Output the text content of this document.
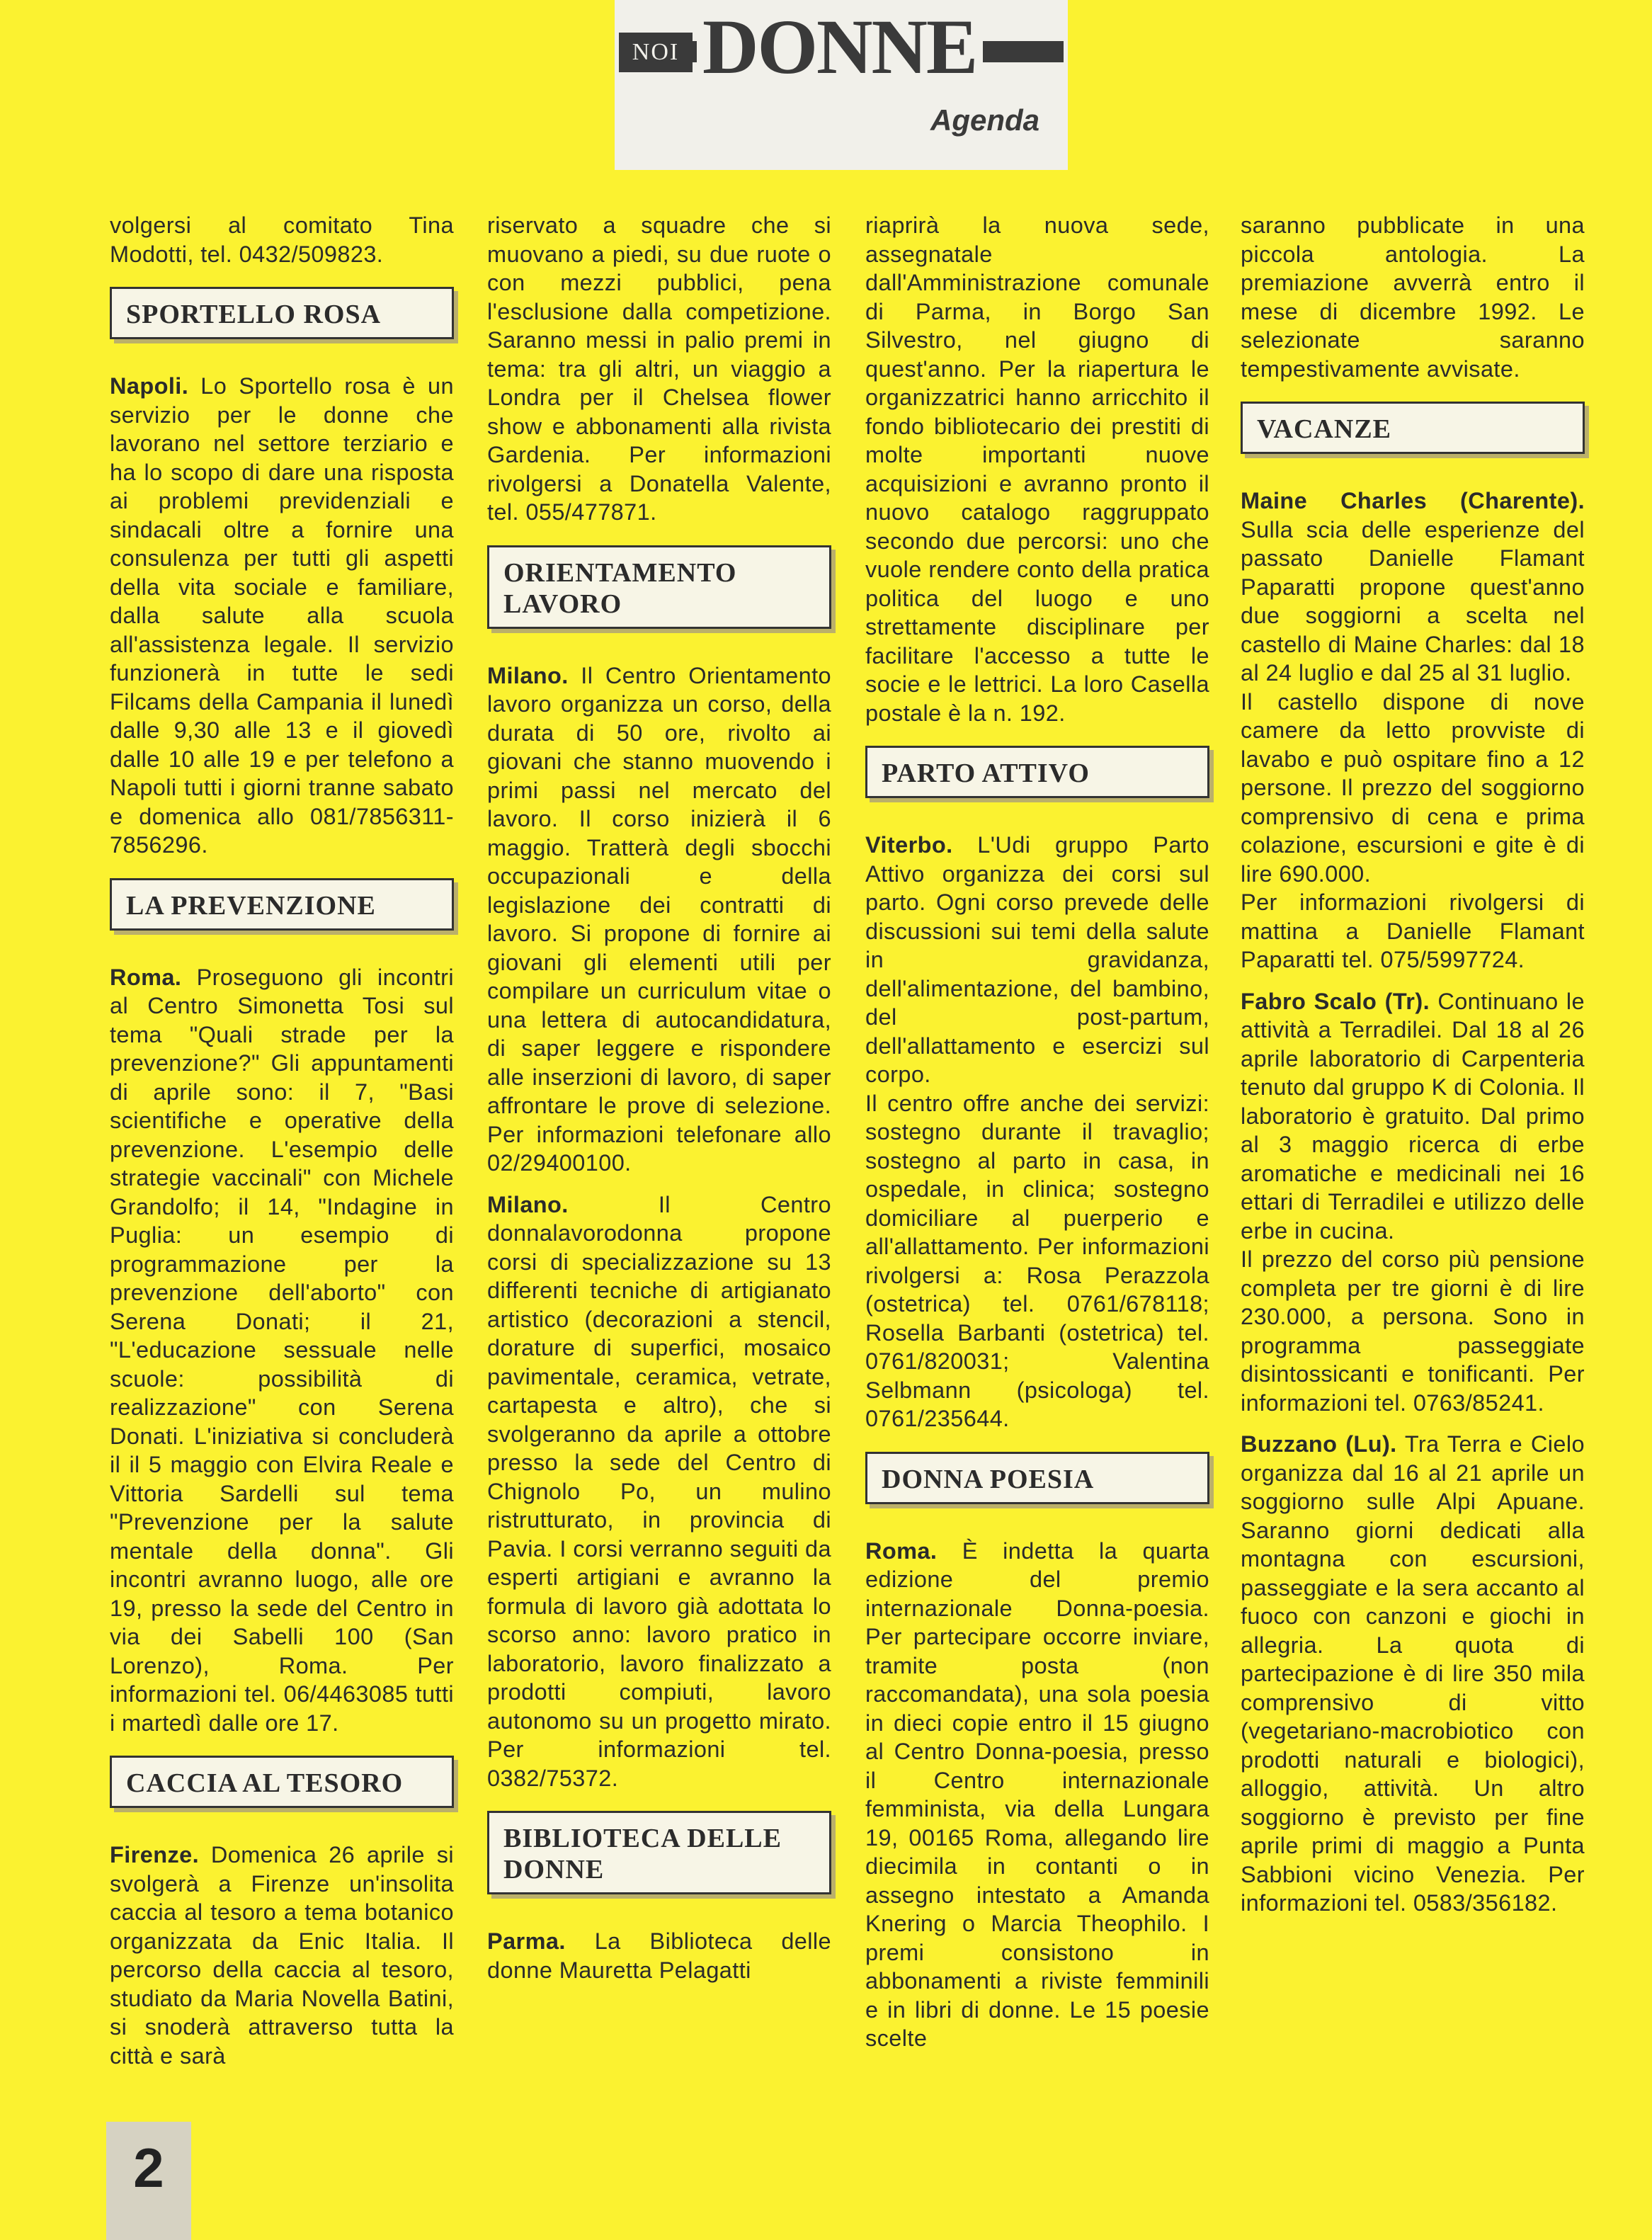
NOI DONNE
Agenda

volgersi al comitato Tina Modotti, tel. 0432/509823.

SPORTELLO ROSA

Napoli. Lo Sportello rosa è un servizio per le donne che lavorano nel settore terziario e ha lo scopo di dare una risposta ai problemi previdenziali e sindacali oltre a fornire una consulenza per tutti gli aspetti della vita sociale e familiare, dalla salute alla scuola all'assistenza legale. Il servizio funzionerà in tutte le sedi Filcams della Campania il lunedì dalle 9,30 alle 13 e il giovedì dalle 10 alle 19 e per telefono a Napoli tutti i giorni tranne sabato e domenica allo 081/7856311-7856296.

LA PREVENZIONE

Roma. Proseguono gli incontri al Centro Simonetta Tosi sul tema "Quali strade per la prevenzione?" Gli appuntamenti di aprile sono: il 7, "Basi scientifiche e operative della prevenzione. L'esempio delle strategie vaccinali" con Michele Grandolfo; il 14, "Indagine in Puglia: un esempio di programmazione per la prevenzione dell'aborto" con Serena Donati; il 21, "L'educazione sessuale nelle scuole: possibilità di realizzazione" con Serena Donati. L'iniziativa si concluderà il il 5 maggio con Elvira Reale e Vittoria Sardelli sul tema "Prevenzione per la salute mentale della donna". Gli incontri avranno luogo, alle ore 19, presso la sede del Centro in via dei Sabelli 100 (San Lorenzo), Roma. Per informazioni tel. 06/4463085 tutti i martedì dalle ore 17.

CACCIA AL TESORO

Firenze. Domenica 26 aprile si svolgerà a Firenze un'insolita caccia al tesoro a tema botanico organizzata da Enic Italia. Il percorso della caccia al tesoro, studiato da Maria Novella Batini, si snoderà attraverso tutta la città e sarà

riservato a squadre che si muovano a piedi, su due ruote o con mezzi pubblici, pena l'esclusione dalla competizione. Saranno messi in palio premi in tema: tra gli altri, un viaggio a Londra per il Chelsea flower show e abbonamenti alla rivista Gardenia. Per informazioni rivolgersi a Donatella Valente, tel. 055/477871.

ORIENTAMENTO LAVORO

Milano. Il Centro Orientamento lavoro organizza un corso, della durata di 50 ore, rivolto ai giovani che stanno muovendo i primi passi nel mercato del lavoro. Il corso inizierà il 6 maggio. Tratterà degli sbocchi occupazionali e della legislazione dei contratti di lavoro. Si propone di fornire ai giovani gli elementi utili per compilare un curriculum vitae o una lettera di autocandidatura, di saper leggere e rispondere alle inserzioni di lavoro, di saper affrontare le prove di selezione. Per informazioni telefonare allo 02/29400100.

Milano. Il Centro donnalavorodonna propone corsi di specializzazione su 13 differenti tecniche di artigianato artistico (decorazioni a stencil, dorature di superfici, mosaico pavimentale, ceramica, vetrate, cartapesta e altro), che si svolgeranno da aprile a ottobre presso la sede del Centro di Chignolo Po, un mulino ristrutturato, in provincia di Pavia. I corsi verranno seguiti da esperti artigiani e avranno la formula di lavoro già adottata lo scorso anno: lavoro pratico in laboratorio, lavoro finalizzato a prodotti compiuti, lavoro autonomo su un progetto mirato. Per informazioni tel. 0382/75372.

BIBLIOTECA DELLE DONNE

Parma. La Biblioteca delle donne Mauretta Pelagatti

riaprirà la nuova sede, assegnatale dall'Amministrazione comunale di Parma, in Borgo San Silvestro, nel giugno di quest'anno. Per la riapertura le organizzatrici hanno arricchito il fondo bibliotecario dei prestiti di molte importanti nuove acquisizioni e avranno pronto il nuovo catalogo raggruppato secondo due percorsi: uno che vuole rendere conto della pratica politica del luogo e uno strettamente disciplinare per facilitare l'accesso a tutte le socie e le lettrici. La loro Casella postale è la n. 192.

PARTO ATTIVO

Viterbo. L'Udi gruppo Parto Attivo organizza dei corsi sul parto. Ogni corso prevede delle discussioni sui temi della salute in gravidanza, dell'alimentazione, del bambino, del post-partum, dell'allattamento e esercizi sul corpo.

Il centro offre anche dei servizi: sostegno durante il travaglio; sostegno al parto in casa, in ospedale, in clinica; sostegno domiciliare al puerperio e all'allattamento. Per informazioni rivolgersi a: Rosa Perazzola (ostetrica) tel. 0761/678118; Rosella Barbanti (ostetrica) tel. 0761/820031; Valentina Selbmann (psicologa) tel. 0761/235644.

DONNA POESIA

Roma. È indetta la quarta edizione del premio internazionale Donna-poesia. Per partecipare occorre inviare, tramite posta (non raccomandata), una sola poesia in dieci copie entro il 15 giugno al Centro Donna-poesia, presso il Centro internazionale femminista, via della Lungara 19, 00165 Roma, allegando lire diecimila in contanti o in assegno intestato a Amanda Knering o Marcia Theophilo. I premi consistono in abbonamenti a riviste femminili e in libri di donne. Le 15 poesie scelte

saranno pubblicate in una piccola antologia. La premiazione avverrà entro il mese di dicembre 1992. Le selezionate saranno tempestivamente avvisate.

VACANZE

Maine Charles (Charente). Sulla scia delle esperienze del passato Danielle Flamant Paparatti propone quest'anno due soggiorni a scelta nel castello di Maine Charles: dal 18 al 24 luglio e dal 25 al 31 luglio.

Il castello dispone di nove camere da letto provviste di lavabo e può ospitare fino a 12 persone. Il prezzo del soggiorno comprensivo di cena e prima colazione, escursioni e gite è di lire 690.000.

Per informazioni rivolgersi di mattina a Danielle Flamant Paparatti tel. 075/5997724.

Fabro Scalo (Tr). Continuano le attività a Terradilei. Dal 18 al 26 aprile laboratorio di Carpenteria tenuto dal gruppo K di Colonia. Il laboratorio è gratuito. Dal primo al 3 maggio ricerca di erbe aromatiche e medicinali nei 16 ettari di Terradilei e utilizzo delle erbe in cucina.

Il prezzo del corso più pensione completa per tre giorni è di lire 230.000, a persona. Sono in programma passeggiate disintossicanti e tonificanti. Per informazioni tel. 0763/85241.

Buzzano (Lu). Tra Terra e Cielo organizza dal 16 al 21 aprile un soggiorno sulle Alpi Apuane. Saranno giorni dedicati alla montagna con escursioni, passeggiate e la sera accanto al fuoco con canzoni e giochi in allegria. La quota di partecipazione è di lire 350 mila comprensivo di vitto (vegetariano-macrobiotico con prodotti naturali e biologici), alloggio, attività. Un altro soggiorno è previsto per fine aprile primi di maggio a Punta Sabbioni vicino Venezia. Per informazioni tel. 0583/356182.

2
